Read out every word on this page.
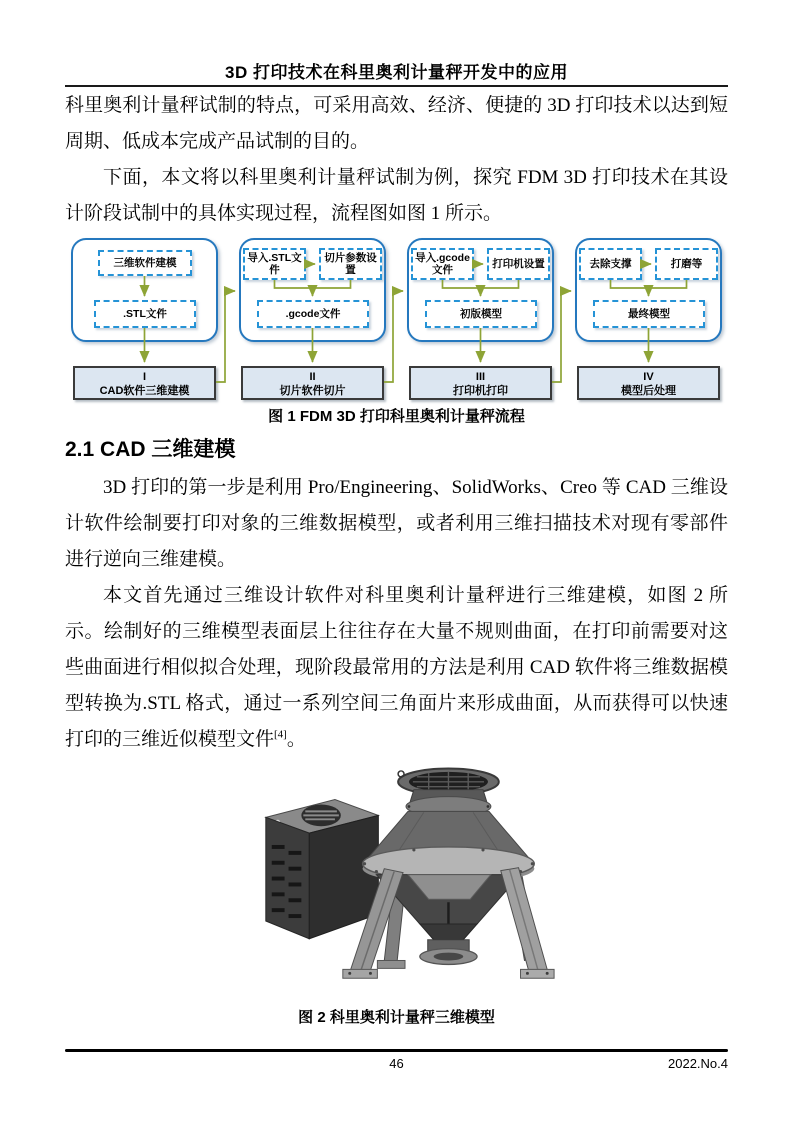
3D 打印技术在科里奥利计量秤开发中的应用

科里奥利计量秤试制的特点，可采用高效、经济、便捷的 3D 打印技术以达到短周期、低成本完成产品试制的目的。

下面，本文将以科里奥利计量秤试制为例，探究 FDM 3D 打印技术在其设计阶段试制中的具体实现过程，流程图如图 1 所示。

三维软件建模
.STL文件
I
CAD软件三维建模
导入.STL文件
切片参数设置
.gcode文件
II
切片软件切片
导入.gcode文件	打印机设置
初版模型
III
打印机打印
去除支撑	打磨等
最终模型
IV
模型后处理
图 1 FDM 3D 打印科里奥利计量秤流程
2.1 CAD 三维建模

3D 打印的第一步是利用 Pro/Engineering、SolidWorks、Creo 等 CAD 三维设计软件绘制要打印对象的三维数据模型，或者利用三维扫描技术对现有零部件进行逆向三维建模。

本文首先通过三维设计软件对科里奥利计量秤进行三维建模，如图 2 所示。绘制好的三维模型表面层上往往存在大量不规则曲面，在打印前需要对这些曲面进行相似拟合处理，现阶段最常用的方法是利用 CAD 软件将三维数据模型转换为.STL 格式，通过一系列空间三角面片来形成曲面，从而获得可以快速打印的三维近似模型文件[4]。

图 2 科里奥利计量秤三维模型
46	2022.No.4
